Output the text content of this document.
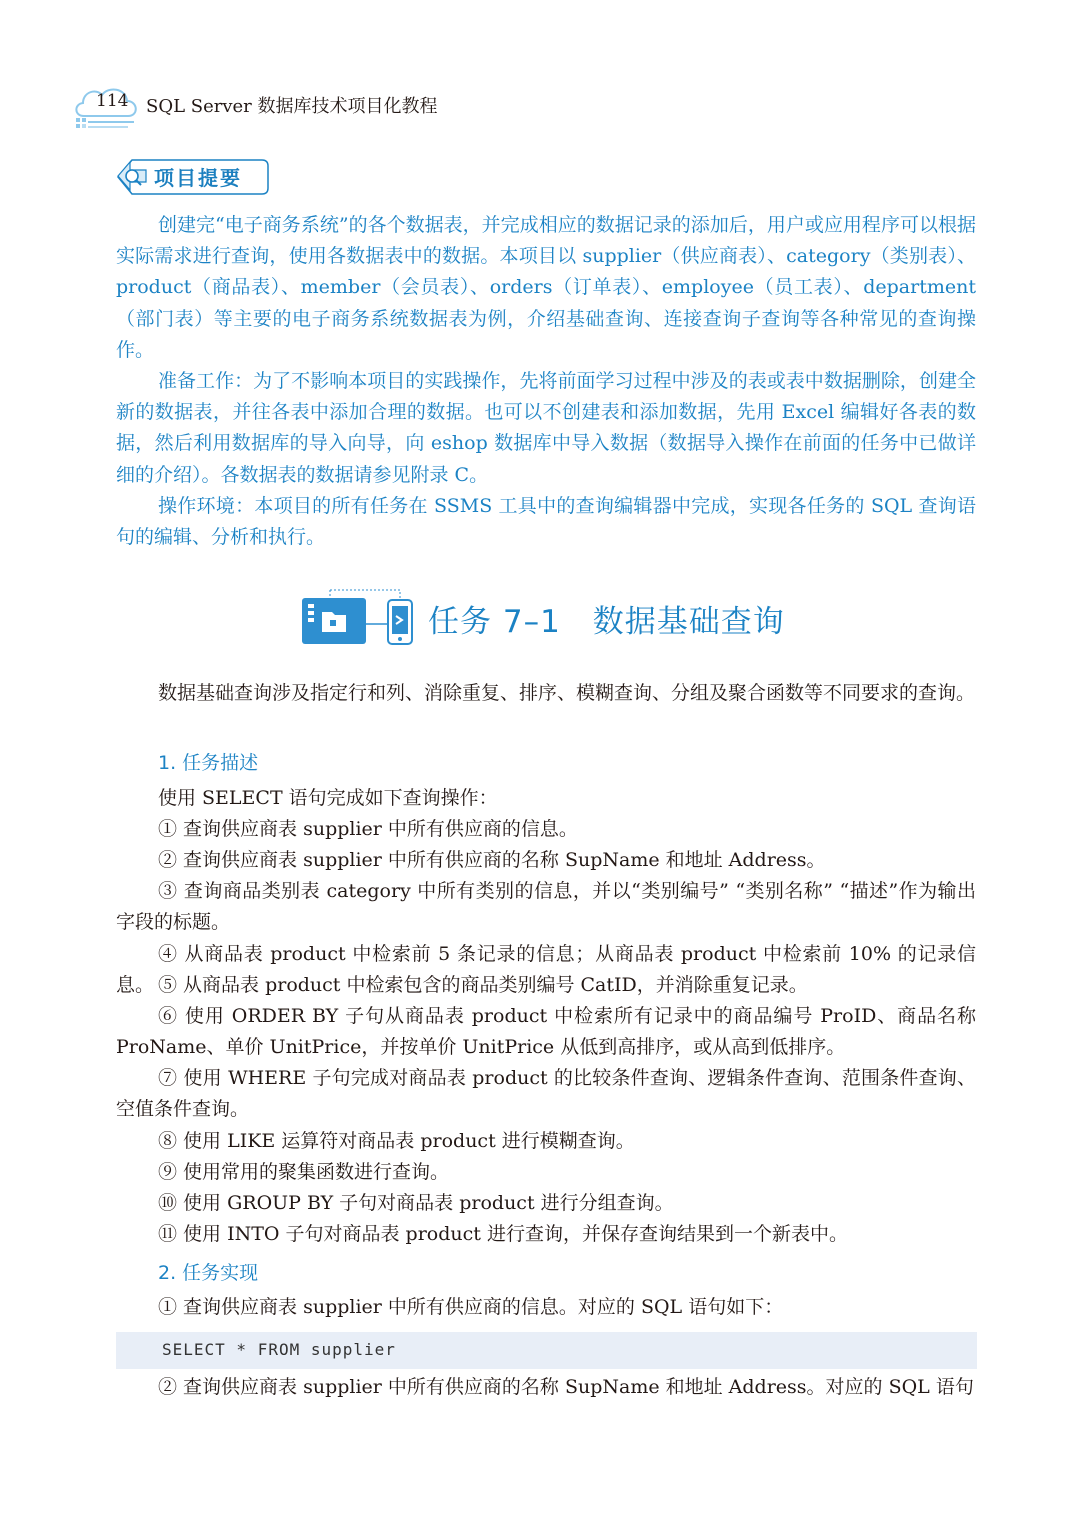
114 SQL Server 数据库技术项目化教程
项目提要

创建完“电子商务系统”的各个数据表，并完成相应的数据记录的添加后，用户或应用程序可以根据实际需求进行查询，使用各数据表中的数据。本项目以 supplier（供应商表）、category（类别表）、product（商品表）、member（会员表）、orders（订单表）、employee（员工表）、department（部门表）等主要的电子商务系统数据表为例，介绍基础查询、连接查询子查询等各种常见的查询操作。

准备工作：为了不影响本项目的实践操作，先将前面学习过程中涉及的表或表中数据删除，创建全新的数据表，并往各表中添加合理的数据。也可以不创建表和添加数据，先用 Excel 编辑好各表的数据，然后利用数据库的导入向导，向 eshop 数据库中导入数据（数据导入操作在前面的任务中已做详细的介绍）。各数据表的数据请参见附录 C。

操作环境：本项目的所有任务在 SSMS 工具中的查询编辑器中完成，实现各任务的 SQL 查询语句的编辑、分析和执行。

任务 7–1　数据基础查询

数据基础查询涉及指定行和列、消除重复、排序、模糊查询、分组及聚合函数等不同要求的查询。

1. 任务描述

使用 SELECT 语句完成如下查询操作：

① 查询供应商表 supplier 中所有供应商的信息。

② 查询供应商表 supplier 中所有供应商的名称 SupName 和地址 Address。

③ 查询商品类别表 category 中所有类别的信息，并以“类别编号” “类别名称” “描述”作为输出字段的标题。

④ 从商品表 product 中检索前 5 条记录的信息；从商品表 product 中检索前 10% 的记录信息。 ⑤ 从商品表 product 中检索包含的商品类别编号 CatID，并消除重复记录。

⑥ 使用 ORDER BY 子句从商品表 product 中检索所有记录中的商品编号 ProID、商品名称 ProName、单价 UnitPrice，并按单价 UnitPrice 从低到高排序，或从高到低排序。

⑦ 使用 WHERE 子句完成对商品表 product 的比较条件查询、逻辑条件查询、范围条件查询、空值条件查询。

⑧ 使用 LIKE 运算符对商品表 product 进行模糊查询。

⑨ 使用常用的聚集函数进行查询。

⑩ 使用 GROUP BY 子句对商品表 product 进行分组查询。

⑪ 使用 INTO 子句对商品表 product 进行查询，并保存查询结果到一个新表中。

2. 任务实现

① 查询供应商表 supplier 中所有供应商的信息。对应的 SQL 语句如下：

SELECT * FROM supplier

② 查询供应商表 supplier 中所有供应商的名称 SupName 和地址 Address。对应的 SQL 语句
